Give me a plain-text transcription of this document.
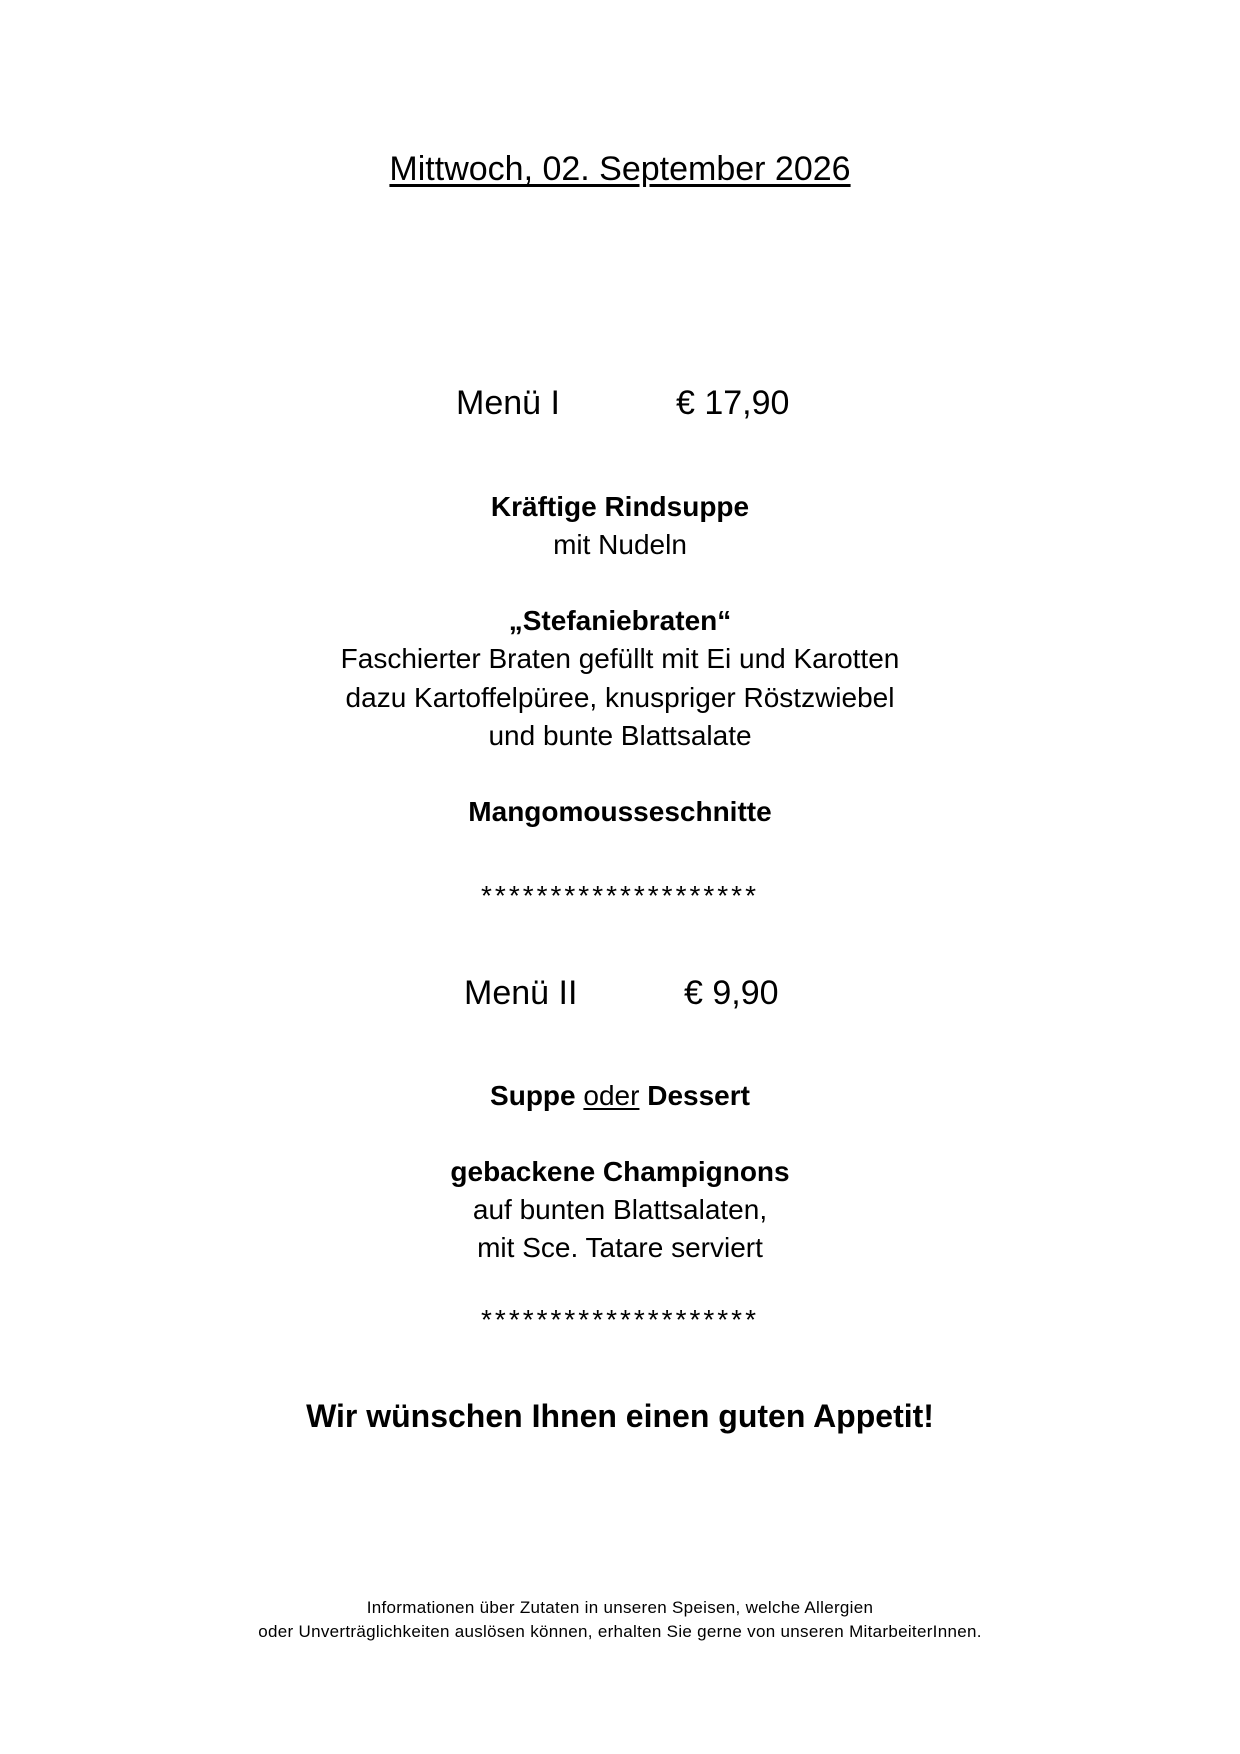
Mittwoch, 02. September 2026
Menü I	€ 17,90
Kräftige Rindsuppe
mit Nudeln
„Stefaniebraten“
Faschierter Braten gefüllt mit Ei und Karotten
dazu Kartoffelpüree, knuspriger Röstzwiebel
und bunte Blattsalate
Mangomousseschnitte
********************
Menü II	€ 9,90
Suppe oder Dessert
gebackene Champignons
auf bunten Blattsalaten,
mit Sce. Tatare serviert
********************
Wir wünschen Ihnen einen guten Appetit!
Informationen über Zutaten in unseren Speisen, welche Allergien
oder Unverträglichkeiten auslösen können, erhalten Sie gerne von unseren MitarbeiterInnen.
